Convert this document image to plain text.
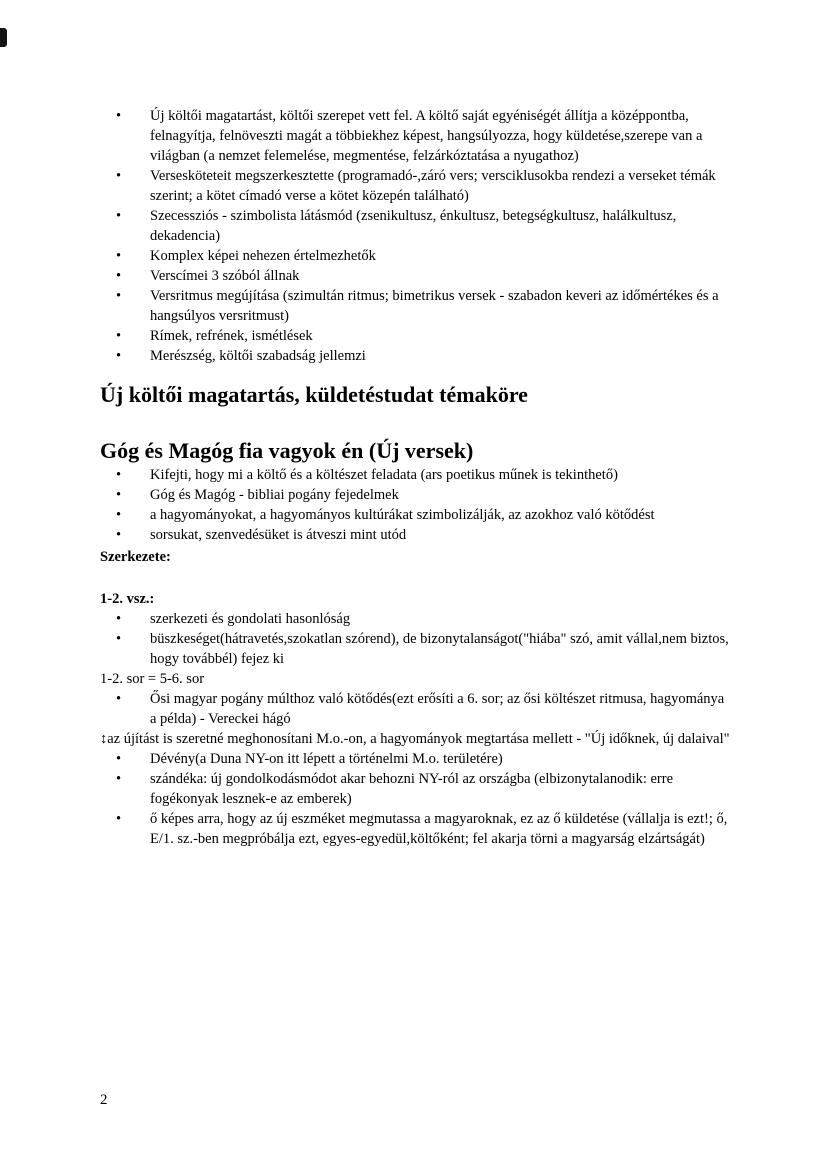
• Új költői magatartást, költői szerepet vett fel. A költő saját egyéniségét állítja a középpontba, felnagyítja, felnöveszti magát a többiekhez képest, hangsúlyozza, hogy küldetése,szerepe van a világban (a nemzet felemelése, megmentése, felzárkóztatása a nyugathoz)
• Versesköteteit megszerkesztette (programadó-,záró vers; versciklusokba rendezi a verseket témák szerint; a kötet címadó verse a kötet közepén található)
• Szecessziós - szimbolista látásmód (zsenikultusz, énkultusz, betegségkultusz, halálkultusz, dekadencia)
• Komplex képei nehezen értelmezhetők
• Verscímei 3 szóból állnak
• Versritmus megújítása (szimultán ritmus; bimetrikus versek - szabadon keveri az időmértékes és a hangsúlyos versritmust)
• Rímek, refrének, ismétlések
• Merészség, költői szabadság jellemzi
Új költői magatartás, küldetéstudat témaköre
Góg és Magóg fia vagyok én (Új versek)
• Kifejti, hogy mi a költő és a költészet feladata (ars poetikus műnek is tekinthető)
• Góg és Magóg - bibliai pogány fejedelmek
• a hagyományokat, a hagyományos kultúrákat szimbolizálják, az azokhoz való kötődést
• sorsukat, szenvedésüket is átveszi mint utód

Szerkezete:

1-2. vsz.:

• szerkezeti és gondolati hasonlóság
• büszkeséget(hátravetés,szokatlan szórend), de bizonytalanságot("hiába" szó, amit vállal,nem biztos, hogy továbbél) fejez ki

1-2. sor = 5-6. sor

• Ősi magyar pogány múlthoz való kötődés(ezt erősíti a 6. sor; az ősi költészet ritmusa, hagyománya a példa) - Vereckei hágó

↕az újítást is szeretné meghonosítani M.o.-on, a hagyományok megtartása mellett - "Új időknek, új dalaival"

• Dévény(a Duna NY-on itt lépett a történelmi M.o. területére)
• szándéka: új gondolkodásmódot akar behozni NY-ról az országba (elbizonytalanodik: erre fogékonyak lesznek-e az emberek)
• ő képes arra, hogy az új eszméket megmutassa a magyaroknak, ez az ő küldetése (vállalja is ezt!; ő, E/1. sz.-ben megpróbálja ezt, egyes-egyedül,költőként; fel akarja törni a magyarság elzártságát)
2
